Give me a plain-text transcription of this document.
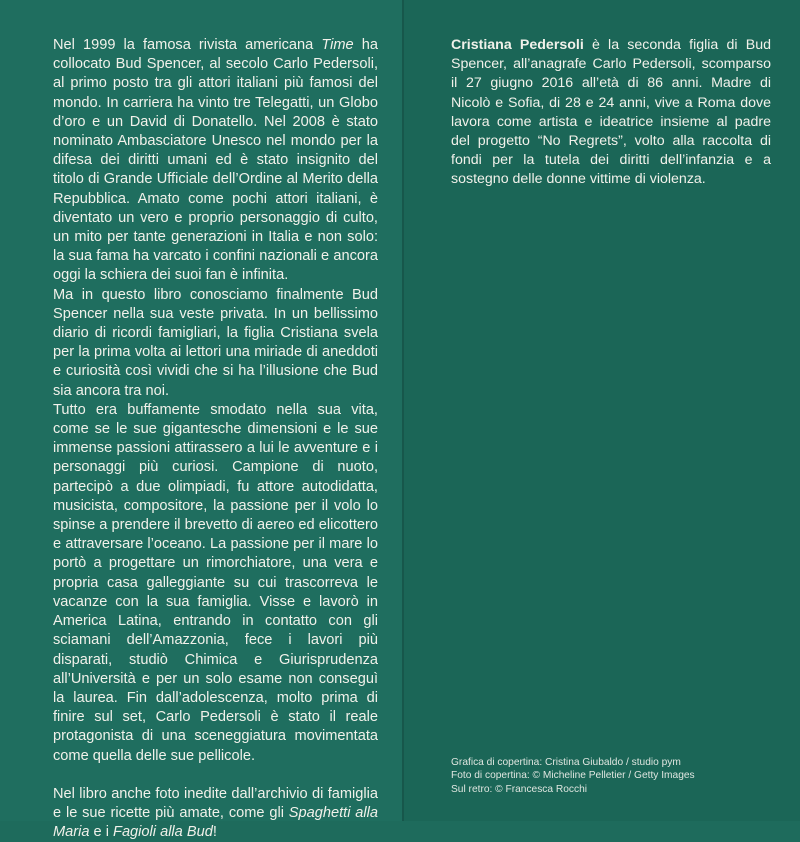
Nel 1999 la famosa rivista americana Time ha collocato Bud Spencer, al secolo Carlo Pedersoli, al primo posto tra gli attori italiani più famosi del mondo. In carriera ha vinto tre Telegatti, un Globo d’oro e un David di Donatello. Nel 2008 è stato nominato Ambasciatore Unesco nel mondo per la difesa dei diritti umani ed è stato insignito del titolo di Grande Ufficiale dell’Ordine al Merito della Repubblica. Amato come pochi attori italiani, è diventato un vero e proprio personaggio di culto, un mito per tante generazioni in Italia e non solo: la sua fama ha varcato i confini nazionali e ancora oggi la schiera dei suoi fan è infinita.

Ma in questo libro conosciamo finalmente Bud Spencer nella sua veste privata. In un bellissimo diario di ricordi famigliari, la figlia Cristiana svela per la prima volta ai lettori una miriade di aneddoti e curiosità così vividi che si ha l’illusione che Bud sia ancora tra noi.

Tutto era buffamente smodato nella sua vita, come se le sue gigantesche dimensioni e le sue immense passioni attirassero a lui le avventure e i personaggi più curiosi. Campione di nuoto, partecipò a due olimpiadi, fu attore autodidatta, musicista, compositore, la passione per il volo lo spinse a prendere il brevetto di aereo ed elicottero e attraversare l’oceano. La passione per il mare lo portò a progettare un rimorchiatore, una vera e propria casa galleggiante su cui trascorreva le vacanze con la sua famiglia. Visse e lavorò in America Latina, entrando in contatto con gli sciamani dell’Amazzonia, fece i lavori più disparati, studiò Chimica e Giurisprudenza all’Università e per un solo esame non conseguì la laurea. Fin dall’adolescenza, molto prima di finire sul set, Carlo Pedersoli è stato il reale protagonista di una sceneggiatura movimentata come quella delle sue pellicole.

Nel libro anche foto inedite dall’archivio di famiglia e le sue ricette più amate, come gli Spaghetti alla Maria e i Fagioli alla Bud!

Cristiana Pedersoli è la seconda figlia di Bud Spencer, all’anagrafe Carlo Pedersoli, scomparso il 27 giugno 2016 all’età di 86 anni. Madre di Nicolò e Sofia, di 28 e 24 anni, vive a Roma dove lavora come artista e ideatrice insieme al padre del progetto “No Regrets”, volto alla raccolta di fondi per la tutela dei diritti dell’infanzia e a sostegno delle donne vittime di violenza.

Grafica di copertina: Cristina Giubaldo / studio pym
Foto di copertina: © Micheline Pelletier / Getty Images
Sul retro: © Francesca Rocchi
